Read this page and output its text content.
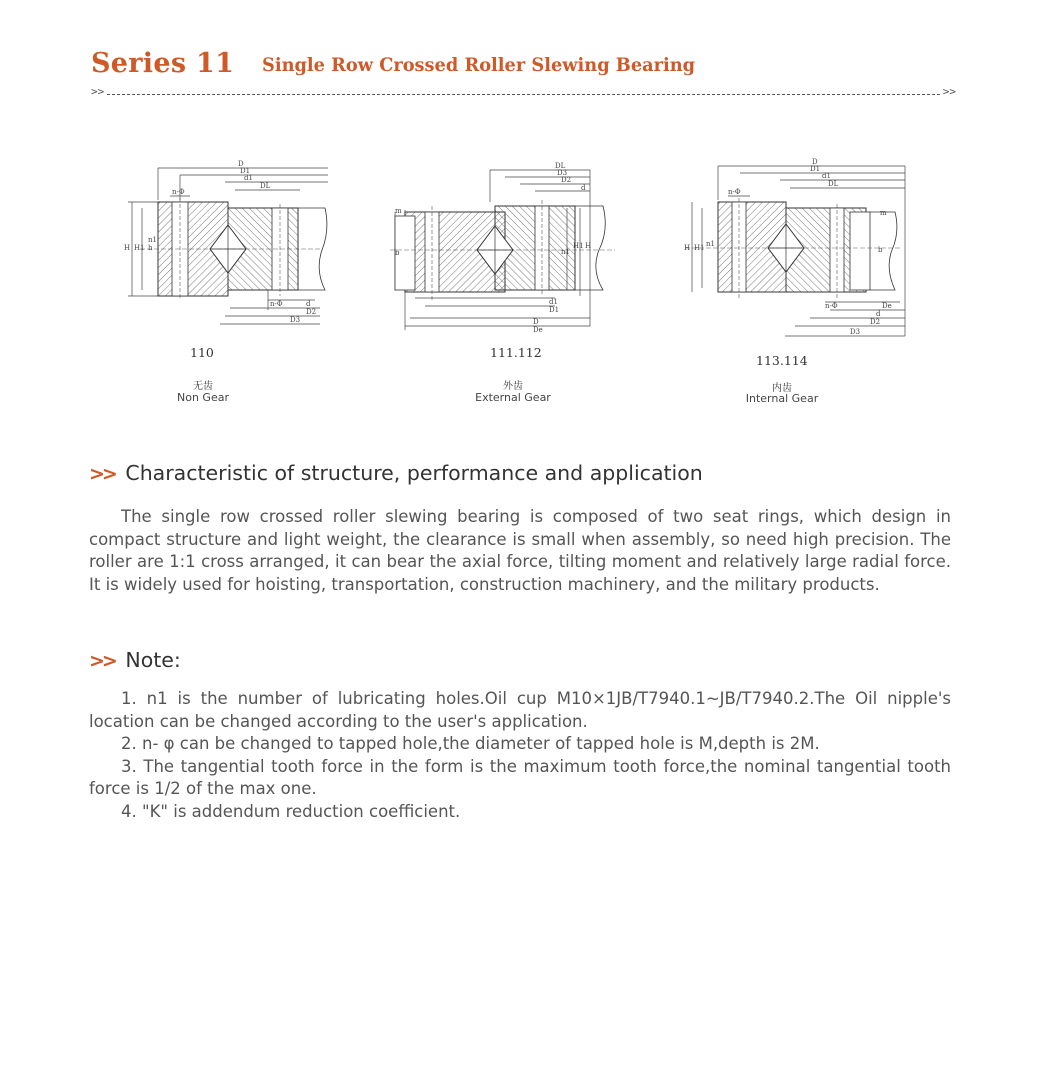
Series 11 Single Row Crossed Roller Slewing Bearing
>>	>>
D
D1
d1
DL
n-Φ
H H1 h
n1
n-Φ	d
D2
D3
110
无齿
Non Gear
DL
D3
D2
d
m
b	n1
H1 H
d1
D1
D
De
111.112
外齿
External Gear
D
D1
d1
DL
n-Φ
H H1 n1
m
b
n-Φ	De
d
D2
D3
113.114
内齿
Internal Gear
>> Characteristic of structure, performance and application

The single row crossed roller slewing bearing is composed of two seat rings, which design in compact structure and light weight, the clearance is small when assembly, so need high precision. The roller are 1:1 cross arranged, it can bear the axial force, tilting moment and relatively large radial force. It is widely used for hoisting, transportation, construction machinery, and the military products.

>> Note:
1. n1 is the number of lubricating holes.Oil cup M10×1JB/T7940.1~JB/T7940.2.The Oil nipple's location can be changed according to the user's application.
2. n- φ can be changed to tapped hole,the diameter of tapped hole is M,depth is 2M.
3. The tangential tooth force in the form is the maximum tooth force,the nominal tangential tooth force is 1/2 of the max one.
4. "K" is addendum reduction coefficient.
